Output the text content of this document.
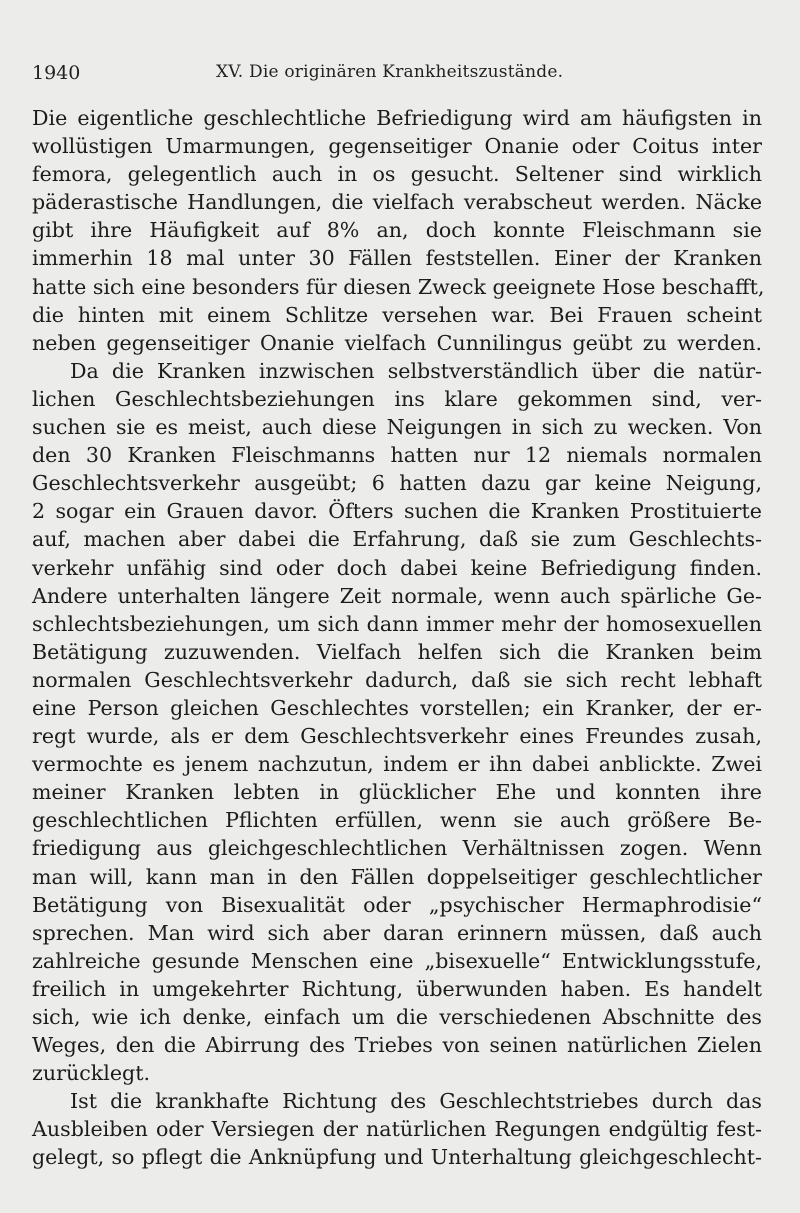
1940	XV. Die originären Krankheitszustände.
Die eigentliche geschlechtliche Befriedigung wird am häufigsten in
wollüstigen Umarmungen, gegenseitiger Onanie oder Coitus inter
femora, gelegentlich auch in os gesucht. Seltener sind wirklich
päderastische Handlungen, die vielfach verabscheut werden. Näcke
gibt ihre Häufigkeit auf 8% an, doch konnte Fleischmann sie
immerhin 18 mal unter 30 Fällen feststellen. Einer der Kranken
hatte sich eine besonders für diesen Zweck geeignete Hose beschafft,
die hinten mit einem Schlitze versehen war. Bei Frauen scheint
neben gegenseitiger Onanie vielfach Cunnilingus geübt zu werden.
Da die Kranken inzwischen selbstverständlich über die natür-
lichen Geschlechtsbeziehungen ins klare gekommen sind, ver-
suchen sie es meist, auch diese Neigungen in sich zu wecken. Von
den 30 Kranken Fleischmanns hatten nur 12 niemals normalen
Geschlechtsverkehr ausgeübt; 6 hatten dazu gar keine Neigung,
2 sogar ein Grauen davor. Öfters suchen die Kranken Prostituierte
auf, machen aber dabei die Erfahrung, daß sie zum Geschlechts-
verkehr unfähig sind oder doch dabei keine Befriedigung finden.
Andere unterhalten längere Zeit normale, wenn auch spärliche Ge-
schlechtsbeziehungen, um sich dann immer mehr der homosexuellen
Betätigung zuzuwenden. Vielfach helfen sich die Kranken beim
normalen Geschlechtsverkehr dadurch, daß sie sich recht lebhaft
eine Person gleichen Geschlechtes vorstellen; ein Kranker, der er-
regt wurde, als er dem Geschlechtsverkehr eines Freundes zusah,
vermochte es jenem nachzutun, indem er ihn dabei anblickte. Zwei
meiner Kranken lebten in glücklicher Ehe und konnten ihre
geschlechtlichen Pflichten erfüllen, wenn sie auch größere Be-
friedigung aus gleichgeschlechtlichen Verhältnissen zogen. Wenn
man will, kann man in den Fällen doppelseitiger geschlechtlicher
Betätigung von Bisexualität oder „psychischer Hermaphrodisie“
sprechen. Man wird sich aber daran erinnern müssen, daß auch
zahlreiche gesunde Menschen eine „bisexuelle“ Entwicklungsstufe,
freilich in umgekehrter Richtung, überwunden haben. Es handelt
sich, wie ich denke, einfach um die verschiedenen Abschnitte des
Weges, den die Abirrung des Triebes von seinen natürlichen Zielen
zurücklegt.
Ist die krankhafte Richtung des Geschlechtstriebes durch das
Ausbleiben oder Versiegen der natürlichen Regungen endgültig fest-
gelegt, so pflegt die Anknüpfung und Unterhaltung gleichgeschlecht-
